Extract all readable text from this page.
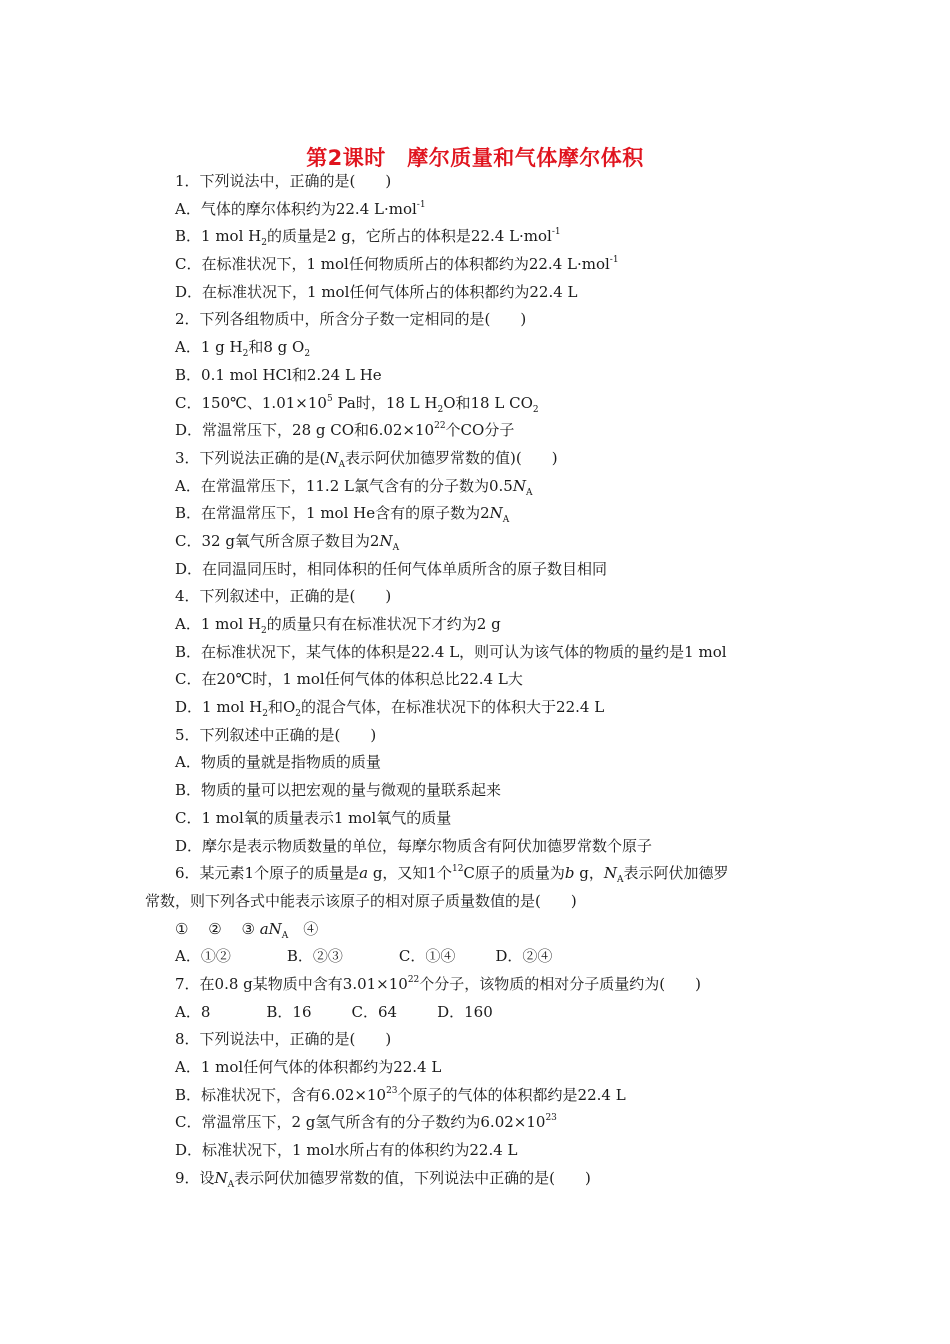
第2课时　摩尔质量和气体摩尔体积
1．下列说法中，正确的是(　　)
A．气体的摩尔体积约为22.4 L·mol$^{-1}$
B．1 mol $H_2$的质量是2 g，它所占的体积是22.4 L·mol$^{-1}$
C．在标准状况下，1 mol任何物质所占的体积都约为22.4 L·mol$^{-1}$
D．在标准状况下，1 mol任何气体所占的体积都约为22.4 L
2．下列各组物质中，所含分子数一定相同的是(　　)
A．1 g $H_2$和8 g $O_2$
B．0.1 mol HCl和2.24 L He
C．150℃、$1.01\times 10^5$ Pa时，18 L $H_2O$和18 L $CO_2$
D．常温常压下，28 g CO和$6.02\times 10^{22}$个CO分子
3．下列说法正确的是($N_A$表示阿伏加德罗常数的值)(　　)
A．在常温常压下，11.2 L氯气含有的分子数为$0.5N_A$
B．在常温常压下，1 mol He含有的原子数为$2N_A$
C．32 g氧气所含原子数目为$2N_A$
D．在同温同压时，相同体积的任何气体单质所含的原子数目相同
4．下列叙述中，正确的是(　　)
A．1 mol $H_2$的质量只有在标准状况下才约为2 g
B．在标准状况下，某气体的体积是22.4 L，则可认为该气体的物质的量约是1 mol
C．在20℃时，1 mol任何气体的体积总比22.4 L大
D．1 mol $H_2$和$O_2$的混合气体，在标准状况下的体积大于22.4 L
5．下列叙述中正确的是(　　)
A．物质的量就是指物质的质量
B．物质的量可以把宏观的量与微观的量联系起来
C．1 mol氧的质量表示1 mol氧气的质量
D．摩尔是表示物质数量的单位，每摩尔物质含有阿伏加德罗常数个原子
6．某元素1个原子的质量是a g，又知1个$^{12}$C原子的质量为b g，$N_A$表示阿伏加德罗
常数，则下列各式中能表示该原子的相对原子质量数值的是(　　)
①　 ②　 ③ $aN_A$　 ④
A．①②	B．②③	C．①④	D．②④
7．在0.8 g某物质中含有$3.01\times 10^{22}$个分子，该物质的相对分子质量约为(　　)
A．8	B．16	C．64	D．160
8．下列说法中，正确的是(　　)
A．1 mol任何气体的体积都约为22.4 L
B．标准状况下，含有$6.02\times 10^{23}$个原子的气体的体积都约是22.4 L
C．常温常压下，2 g氢气所含有的分子数约为$6.02\times 10^{23}$
D．标准状况下，1 mol水所占有的体积约为22.4 L
9．设$N_A$表示阿伏加德罗常数的值，下列说法中正确的是(　　)
